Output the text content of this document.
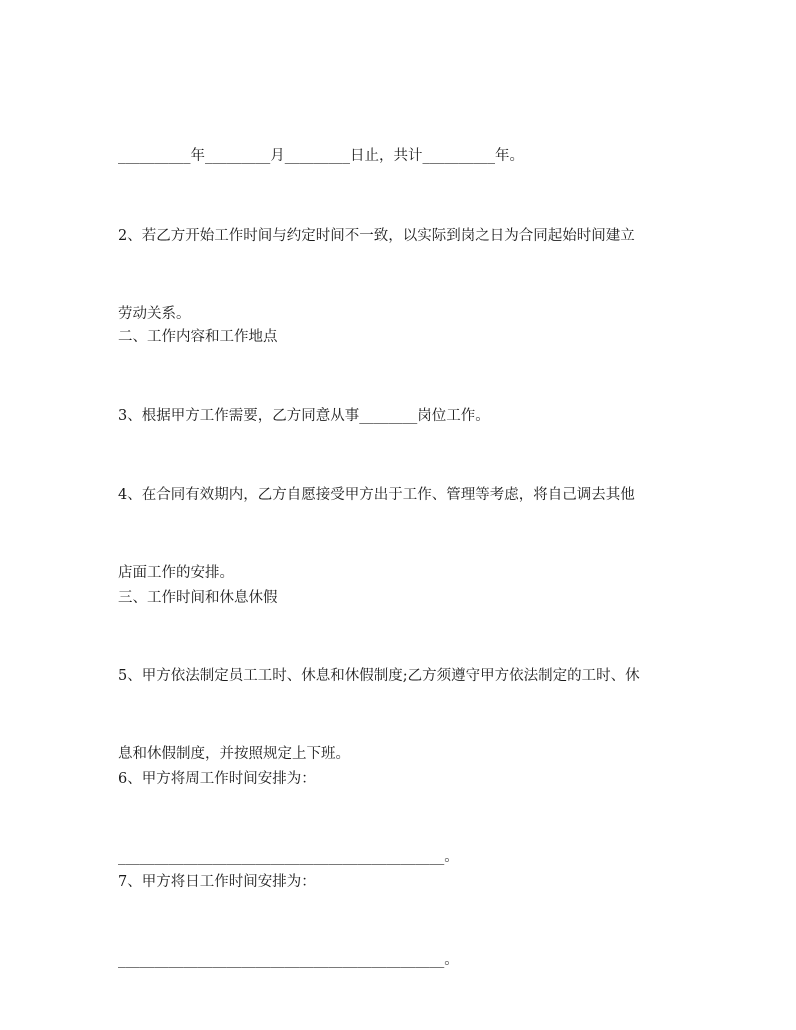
__________年_________月_________日止，共计__________年。

2、若乙方开始工作时间与约定时间不一致，以实际到岗之日为合同起始时间建立

劳动关系。

二、工作内容和工作地点

3、根据甲方工作需要，乙方同意从事________岗位工作。

4、在合同有效期内，乙方自愿接受甲方出于工作、管理等考虑，将自己调去其他

店面工作的安排。

三、工作时间和休息休假

5、甲方依法制定员工工时、休息和休假制度;乙方须遵守甲方依法制定的工时、休

息和休假制度，并按照规定上下班。

6、甲方将周工作时间安排为：

_____________________________________________。

7、甲方将日工作时间安排为：

_____________________________________________。
